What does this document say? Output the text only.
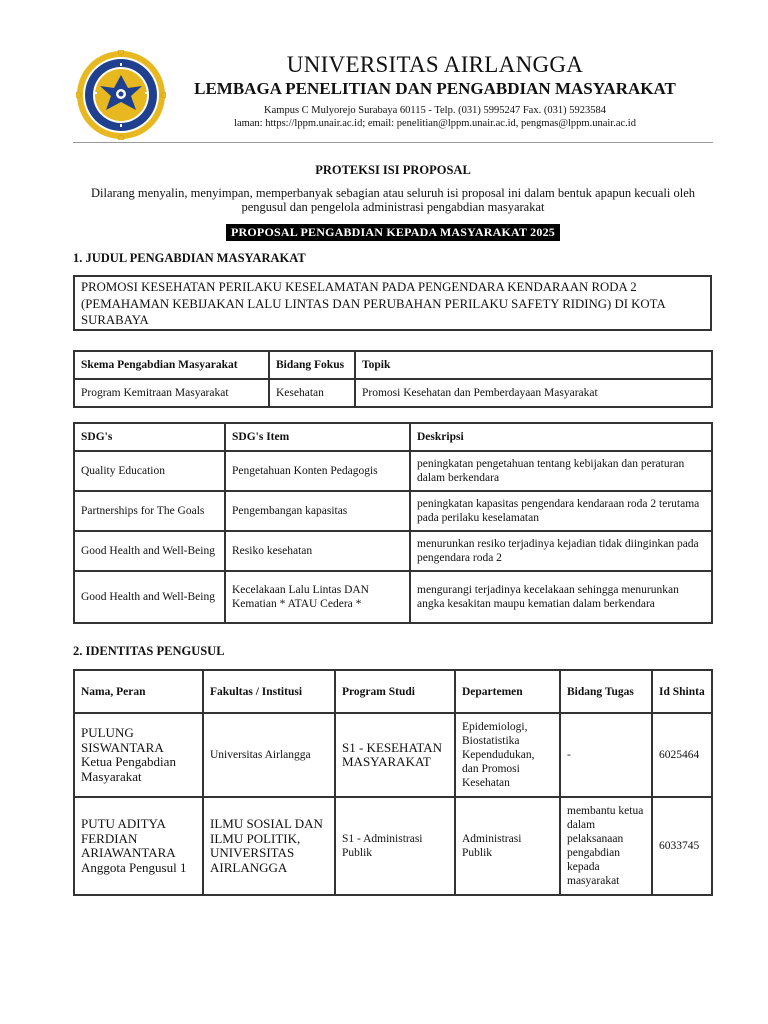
UNIVERSITAS AIRLANGGA
LEMBAGA PENELITIAN DAN PENGABDIAN MASYARAKAT
Kampus C Mulyorejo Surabaya 60115 - Telp. (031) 5995247 Fax. (031) 5923584
laman: https://lppm.unair.ac.id; email: penelitian@lppm.unair.ac.id, pengmas@lppm.unair.ac.id
PROTEKSI ISI PROPOSAL
Dilarang menyalin, menyimpan, memperbanyak sebagian atau seluruh isi proposal ini dalam bentuk apapun kecuali oleh pengusul dan pengelola administrasi pengabdian masyarakat
PROPOSAL PENGABDIAN KEPADA MASYARAKAT 2025
1. JUDUL PENGABDIAN MASYARAKAT
PROMOSI KESEHATAN PERILAKU KESELAMATAN PADA PENGENDARA KENDARAAN RODA 2 (PEMAHAMAN KEBIJAKAN LALU LINTAS DAN PERUBAHAN PERILAKU SAFETY RIDING) DI KOTA SURABAYA
Skema Pengabdian Masyarakat	Bidang Fokus	Topik
Program Kemitraan Masyarakat	Kesehatan	Promosi Kesehatan dan Pemberdayaan Masyarakat
SDG's	SDG's Item	Deskripsi
Quality Education	Pengetahuan Konten Pedagogis	peningkatan pengetahuan tentang kebijakan dan peraturan dalam berkendara
Partnerships for The Goals	Pengembangan kapasitas	peningkatan kapasitas pengendara kendaraan roda 2 terutama pada perilaku keselamatan
Good Health and Well-Being	Resiko kesehatan	menurunkan resiko terjadinya kejadian tidak diinginkan pada pengendara roda 2
Good Health and Well-Being	Kecelakaan Lalu Lintas DAN Kematian * ATAU Cedera *	mengurangi terjadinya kecelakaan sehingga menurunkan angka kesakitan maupu kematian dalam berkendara
2. IDENTITAS PENGUSUL
Nama, Peran	Fakultas / Institusi	Program Studi	Departemen	Bidang Tugas	Id Shinta

PULUNG SISWANTARA
Ketua Pengabdian Masyarakat	Universitas Airlangga	S1 - KESEHATAN MASYARAKAT	Epidemiologi, Biostatistika Kependudukan, dan Promosi Kesehatan	-	6025464

PUTU ADITYA FERDIAN ARIAWANTARA
Anggota Pengusul 1	ILMU SOSIAL DAN ILMU POLITIK, UNIVERSITAS AIRLANGGA	S1 - Administrasi Publik	Administrasi Publik	membantu ketua dalam pelaksanaan pengabdian kepada masyarakat	6033745
